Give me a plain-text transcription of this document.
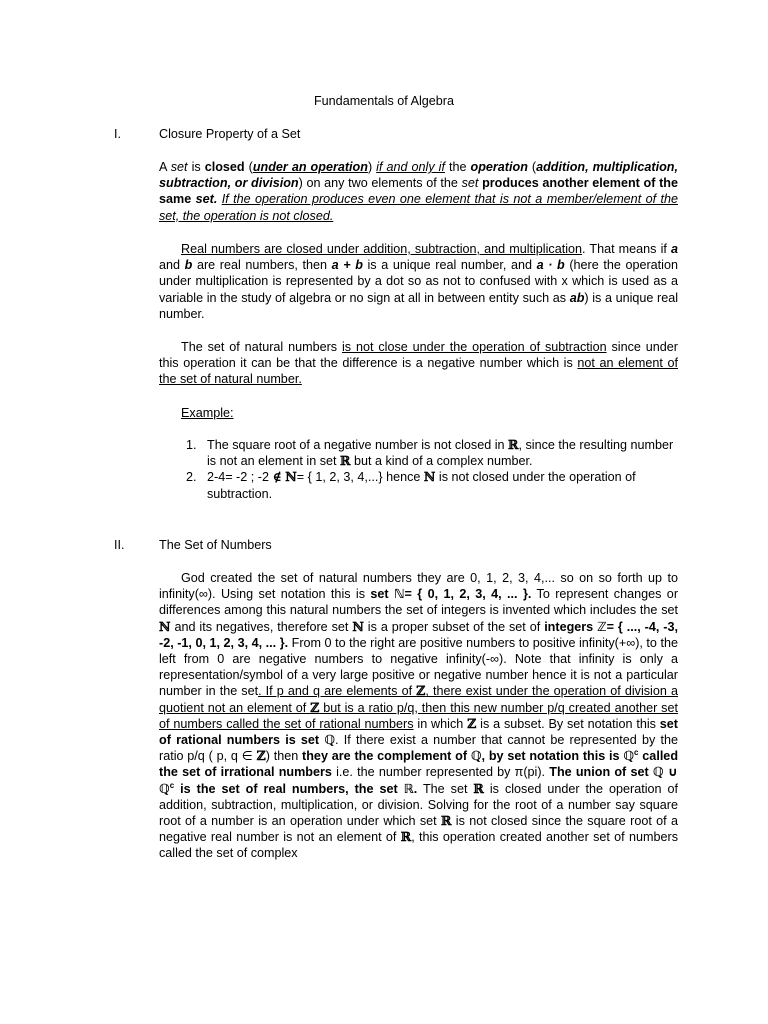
Fundamentals of Algebra
I.	Closure Property of a Set
A set is closed (under an operation) if and only if the operation (addition, multiplication, subtraction, or division) on any two elements of the set produces another element of the same set. If the operation produces even one element that is not a member/element of the set, the operation is not closed.
Real numbers are closed under addition, subtraction, and multiplication. That means if a and b are real numbers, then a + b is a unique real number, and a · b (here the operation under multiplication is represented by a dot so as not to confused with x which is used as a variable in the study of algebra or no sign at all in between entity such as ab) is a unique real number.
The set of natural numbers is not close under the operation of subtraction since under this operation it can be that the difference is a negative number which is not an element of the set of natural number.
Example:
1. The square root of a negative number is not closed in ℝ, since the resulting number is not an element in set ℝ but a kind of a complex number.
2. 2-4= -2 ; -2 ∉ ℕ= { 1, 2, 3, 4,...} hence ℕ is not closed under the operation of subtraction.
II.	The Set of Numbers
God created the set of natural numbers they are 0, 1, 2, 3, 4,... so on so forth up to infinity(∞). Using set notation this is set ℕ= { 0, 1, 2, 3, 4, ... }. To represent changes or differences among this natural numbers the set of integers is invented which includes the set ℕ and its negatives, therefore set ℕ is a proper subset of the set of integers ℤ= { ..., -4, -3, -2, -1, 0, 1, 2, 3, 4, ... }. From 0 to the right are positive numbers to positive infinity(+∞), to the left from 0 are negative numbers to negative infinity(-∞). Note that infinity is only a representation/symbol of a very large positive or negative number hence it is not a particular number in the set. If p and q are elements of ℤ, there exist under the operation of division a quotient not an element of ℤ but is a ratio p/q, then this new number p/q created another set of numbers called the set of rational numbers in which ℤ is a subset. By set notation this set of rational numbers is set ℚ. If there exist a number that cannot be represented by the ratio p/q ( p, q ∈ ℤ) then they are the complement of ℚ, by set notation this is ℚ$^c$ called the set of irrational numbers i.e. the number represented by π(pi). The union of set ℚ ∪ ℚ$^c$ is the set of real numbers, the set ℝ. The set ℝ is closed under the operation of addition, subtraction, multiplication, or division. Solving for the root of a number say square root of a number is an operation under which set ℝ is not closed since the square root of a negative real number is not an element of ℝ, this operation created another set of numbers called the set of complex
